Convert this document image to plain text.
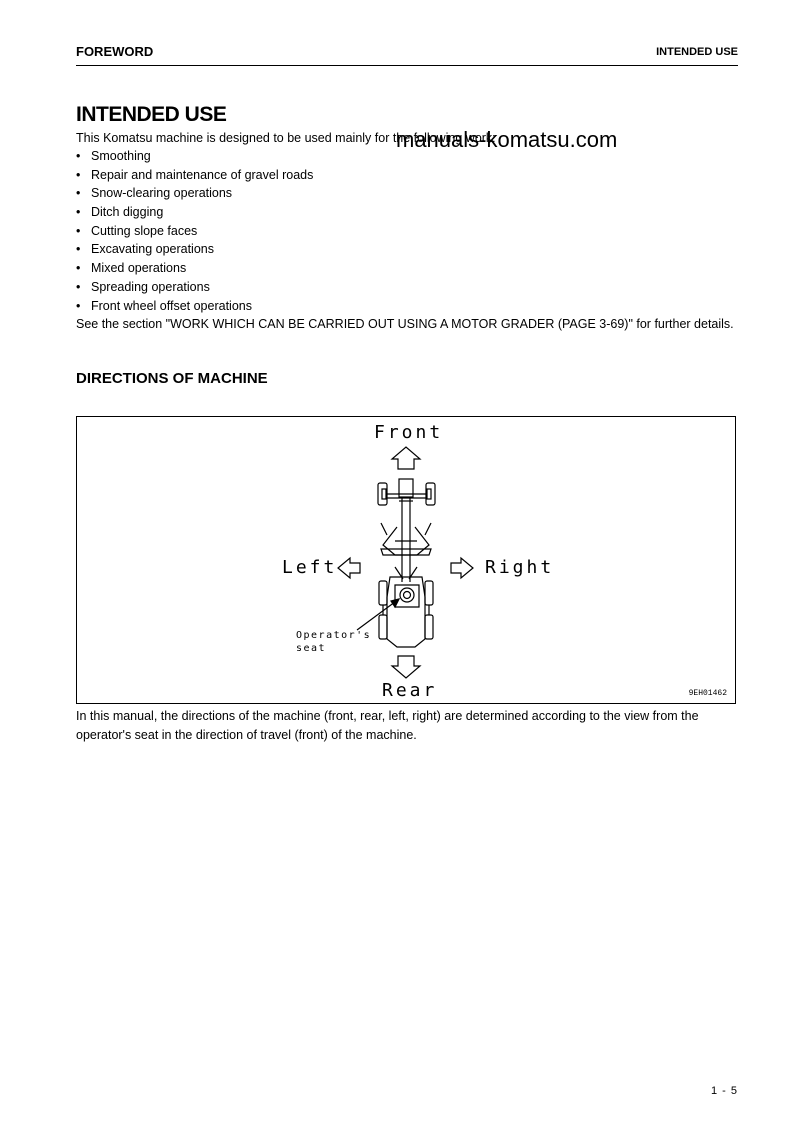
FOREWORD	INTENDED USE
INTENDED USE
This Komatsu machine is designed to be used mainly for the following work:
manuals-komatsu.com
• Smoothing
• Repair and maintenance of gravel roads
• Snow-clearing operations
• Ditch digging
• Cutting slope faces
• Excavating operations
• Mixed operations
• Spreading operations
• Front wheel offset operations
See the section "WORK WHICH CAN BE CARRIED OUT USING A MOTOR GRADER (PAGE 3-69)" for further details.
DIRECTIONS OF MACHINE
Front
Rear
Left	Right
Operator's
seat
9EH01462
In this manual, the directions of the machine (front, rear, left, right) are determined according to the view from the operator's seat in the direction of travel (front) of the machine.
1 - 5
